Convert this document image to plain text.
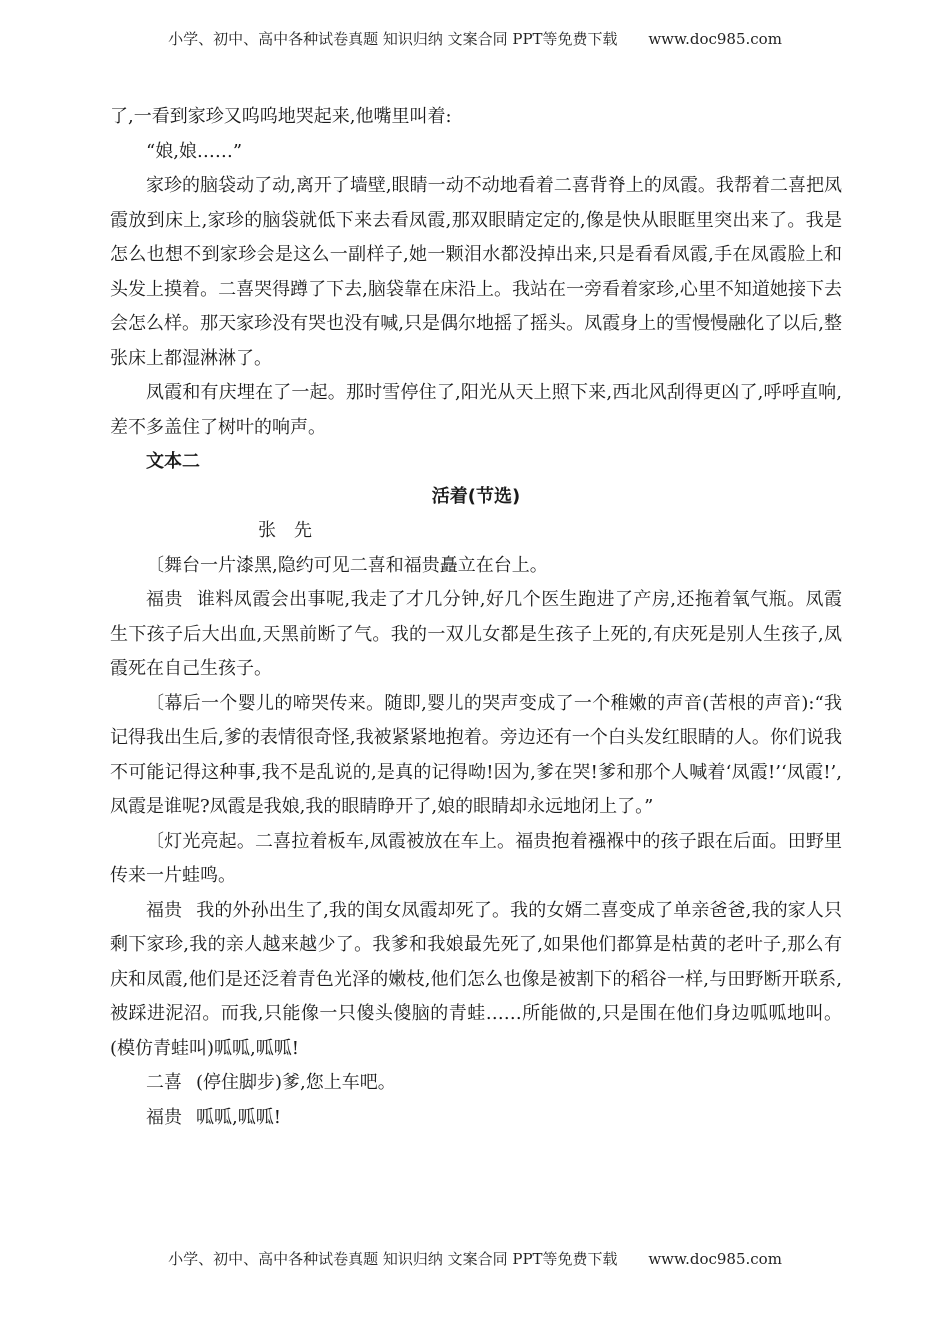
小学、初中、高中各种试卷真题 知识归纳 文案合同 PPT等免费下载 www.doc985.com

了,一看到家珍又呜呜地哭起来,他嘴里叫着:

“娘,娘……”

家珍的脑袋动了动,离开了墙壁,眼睛一动不动地看着二喜背脊上的凤霞。我帮着二喜把凤霞放到床上,家珍的脑袋就低下来去看凤霞,那双眼睛定定的,像是快从眼眶里突出来了。我是怎么也想不到家珍会是这么一副样子,她一颗泪水都没掉出来,只是看看凤霞,手在凤霞脸上和头发上摸着。二喜哭得蹲了下去,脑袋靠在床沿上。我站在一旁看着家珍,心里不知道她接下去会怎么样。那天家珍没有哭也没有喊,只是偶尔地摇了摇头。凤霞身上的雪慢慢融化了以后,整张床上都湿淋淋了。

凤霞和有庆埋在了一起。那时雪停住了,阳光从天上照下来,西北风刮得更凶了,呼呼直响,差不多盖住了树叶的响声。

文本二

活着(节选)

张先

〔舞台一片漆黑,隐约可见二喜和福贵矗立在台上。

福贵 谁料凤霞会出事呢,我走了才几分钟,好几个医生跑进了产房,还拖着氧气瓶。凤霞生下孩子后大出血,天黑前断了气。我的一双儿女都是生孩子上死的,有庆死是别人生孩子,凤霞死在自己生孩子。

〔幕后一个婴儿的啼哭传来。随即,婴儿的哭声变成了一个稚嫩的声音(苦根的声音):“我记得我出生后,爹的表情很奇怪,我被紧紧地抱着。旁边还有一个白头发红眼睛的人。你们说我不可能记得这种事,我不是乱说的,是真的记得呦!因为,爹在哭!爹和那个人喊着‘凤霞!’‘凤霞!’,凤霞是谁呢?凤霞是我娘,我的眼睛睁开了,娘的眼睛却永远地闭上了。”

〔灯光亮起。二喜拉着板车,凤霞被放在车上。福贵抱着襁褓中的孩子跟在后面。田野里传来一片蛙鸣。

福贵 我的外孙出生了,我的闺女凤霞却死了。我的女婿二喜变成了单亲爸爸,我的家人只剩下家珍,我的亲人越来越少了。我爹和我娘最先死了,如果他们都算是枯黄的老叶子,那么有庆和凤霞,他们是还泛着青色光泽的嫩枝,他们怎么也像是被割下的稻谷一样,与田野断开联系,被踩进泥沼。而我,只能像一只傻头傻脑的青蛙……所能做的,只是围在他们身边呱呱地叫。(模仿青蛙叫)呱呱,呱呱!

二喜 (停住脚步)爹,您上车吧。

福贵 呱呱,呱呱!

小学、初中、高中各种试卷真题 知识归纳 文案合同 PPT等免费下载 www.doc985.com
